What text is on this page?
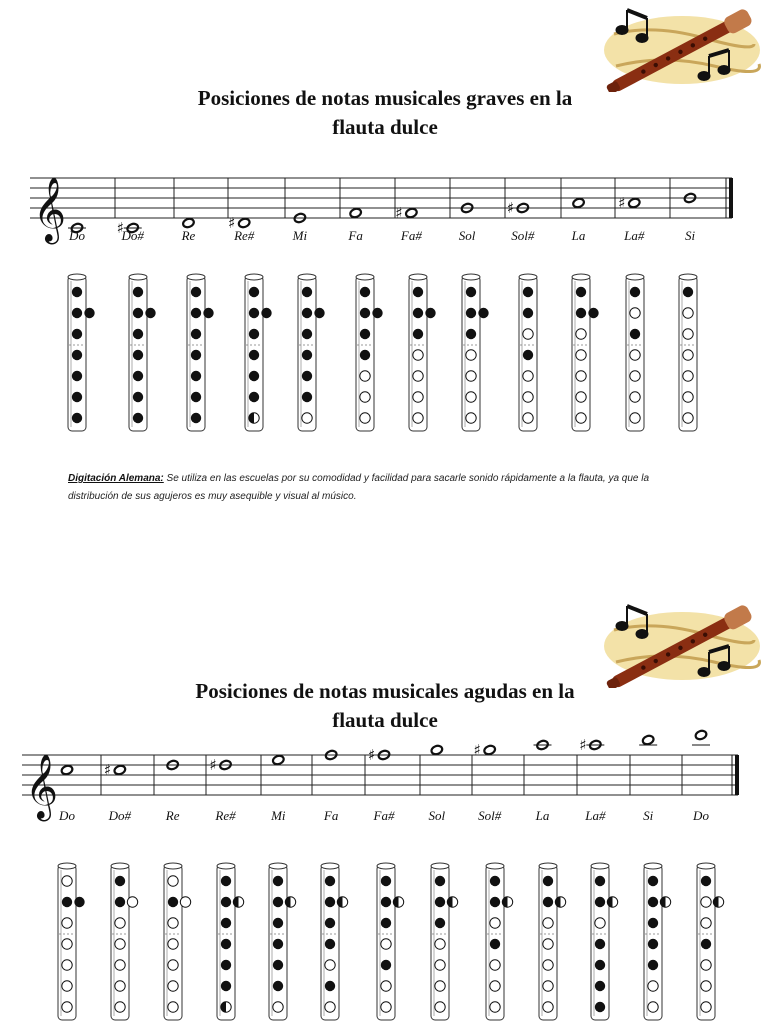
Posiciones de notas musicales graves en la
flauta dulce
Posiciones de notas musicales agudas en la
flauta dulce
𝄞	♯	♯
♯	♯	♯
𝄞	♯	♯
♯	♯	♯
Do	Do#	Re	Re#	Mi	Fa	Fa#	Sol	Sol#	La	La#	Si
Do	Do#	Re	Re#	Mi	Fa	Fa#	Sol	Sol#	La	La#	Si	Do

Digitación Alemana: Se utiliza en las escuelas por su comodidad y facilidad para sacarle sonido rápidamente a la flauta, ya que la distribución de sus agujeros es muy asequible y visual al músico.
